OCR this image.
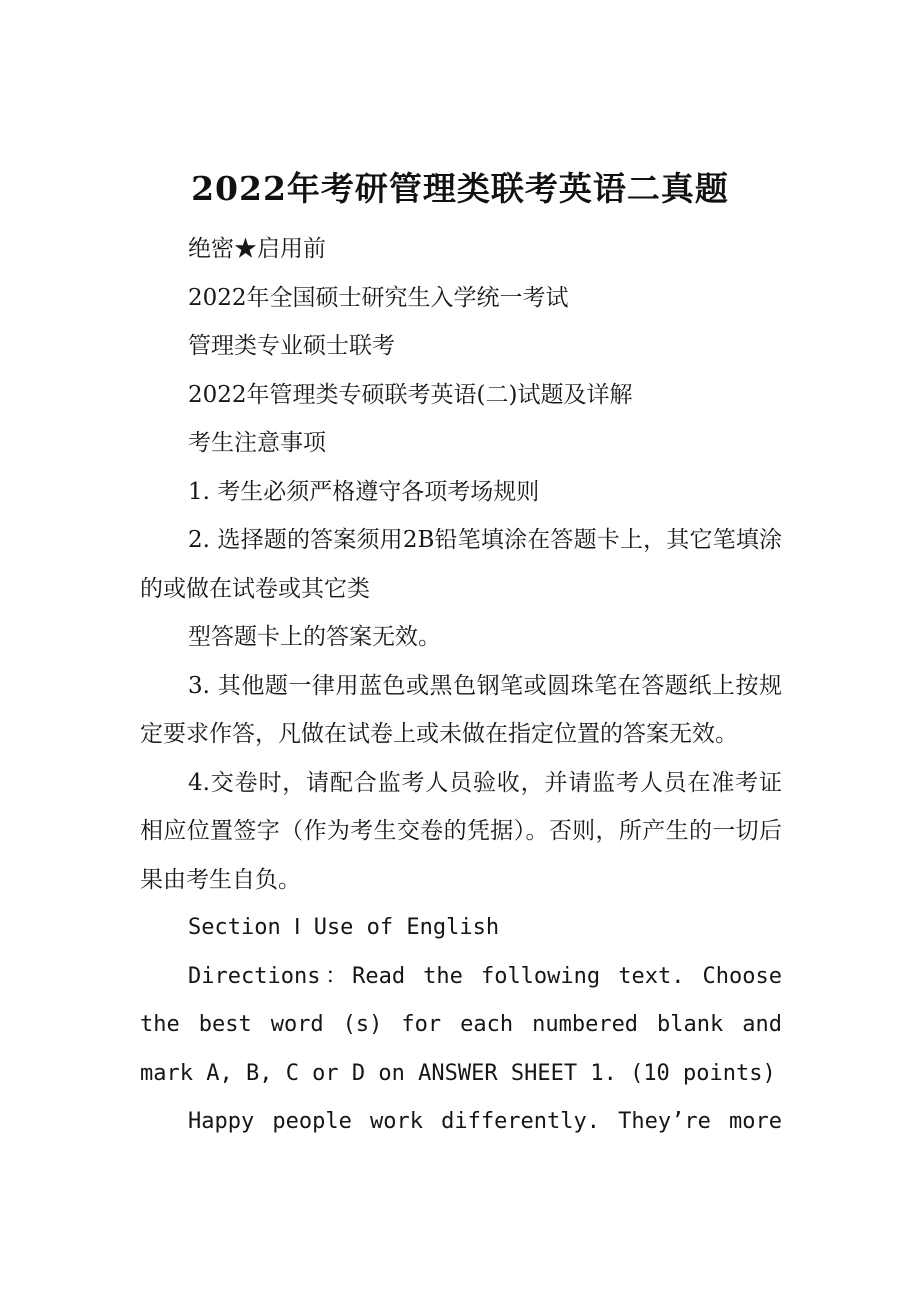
2022年考研管理类联考英语二真题

绝密★启用前

2022年全国硕士研究生入学统一考试

管理类专业硕士联考

2022年管理类专硕联考英语(二)试题及详解

考生注意事项

1. 考生必须严格遵守各项考场规则

2. 选择题的答案须用2B铅笔填涂在答题卡上，其它笔填涂的或做在试卷或其它类

型答题卡上的答案无效。

3. 其他题一律用蓝色或黑色钢笔或圆珠笔在答题纸上按规定要求作答，凡做在试卷上或未做在指定位置的答案无效。

4.交卷时，请配合监考人员验收，并请监考人员在准考证相应位置签字（作为考生交卷的凭据）。否则，所产生的一切后果由考生自负。

Section Ⅰ Use of English

Directions：Read the following text. Choose the best word (s) for each numbered blank and mark A, B, C or D on ANSWER SHEET 1. (10 points)

Happy people work differently. They’re more
